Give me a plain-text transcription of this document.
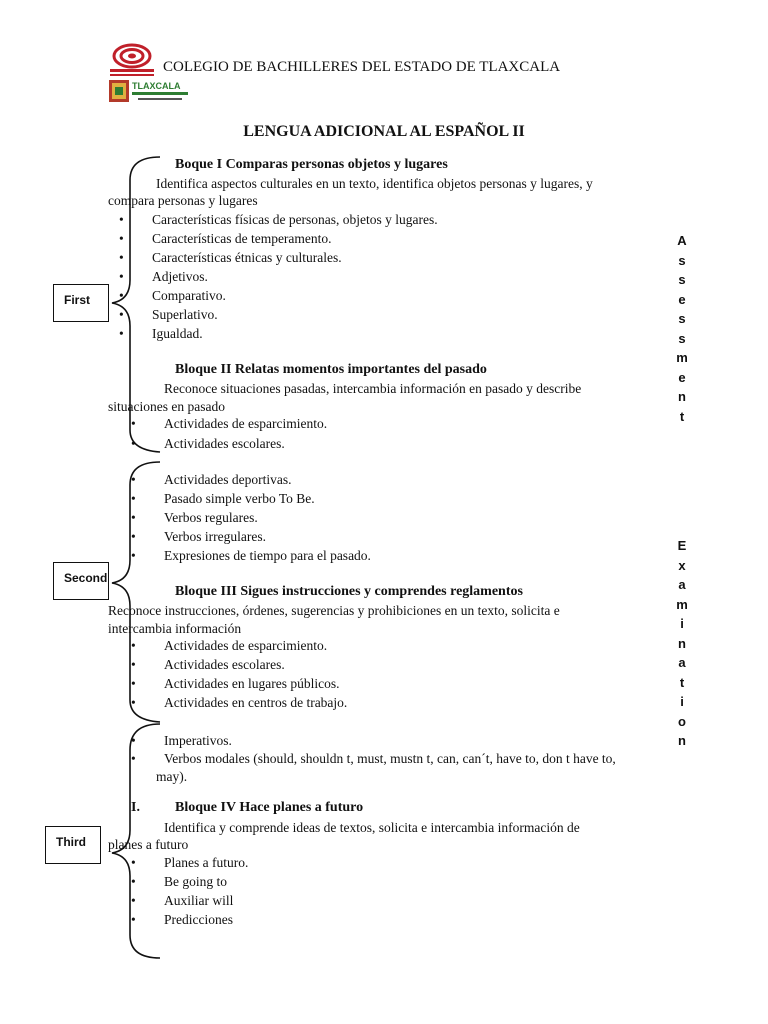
TLAXCALA
COLEGIO DE BACHILLERES DEL ESTADO DE TLAXCALA
LENGUA ADICIONAL AL ESPAÑOL II
First
Second
Third
Boque I Comparas personas objetos y lugares
Identifica aspectos culturales en un texto, identifica objetos personas y lugares, y
compara personas y lugares
• Características físicas de personas, objetos y lugares.
• Características de temperamento.
• Características étnicas y culturales.
• Adjetivos.
• Comparativo.
• Superlativo.
• Igualdad.
Bloque II Relatas momentos importantes del pasado
Reconoce situaciones pasadas, intercambia información en pasado y describe
situaciones en pasado
• Actividades de esparcimiento.
• Actividades escolares.
• Actividades deportivas.
• Pasado simple verbo To Be.
• Verbos regulares.
• Verbos irregulares.
• Expresiones de tiempo para el pasado.
Bloque III Sigues instrucciones y comprendes reglamentos
Reconoce instrucciones, órdenes, sugerencias y prohibiciones en un texto, solicita e
intercambia información
• Actividades de esparcimiento.
• Actividades escolares.
• Actividades en lugares públicos.
• Actividades en centros de trabajo.
• Imperativos.
• Verbos modales (should, shouldn t, must, mustn t, can, can´t, have to, don t have to,
may).
I.	Bloque IV Hace planes a futuro
Identifica y comprende ideas de textos, solicita e intercambia información de
planes a futuro
• Planes a futuro.
• Be going to
• Auxiliar will
• Predicciones
A
s
s
e
s
s
m
e
n
t
E
x
a
m
i
n
a
t
i
o
n
